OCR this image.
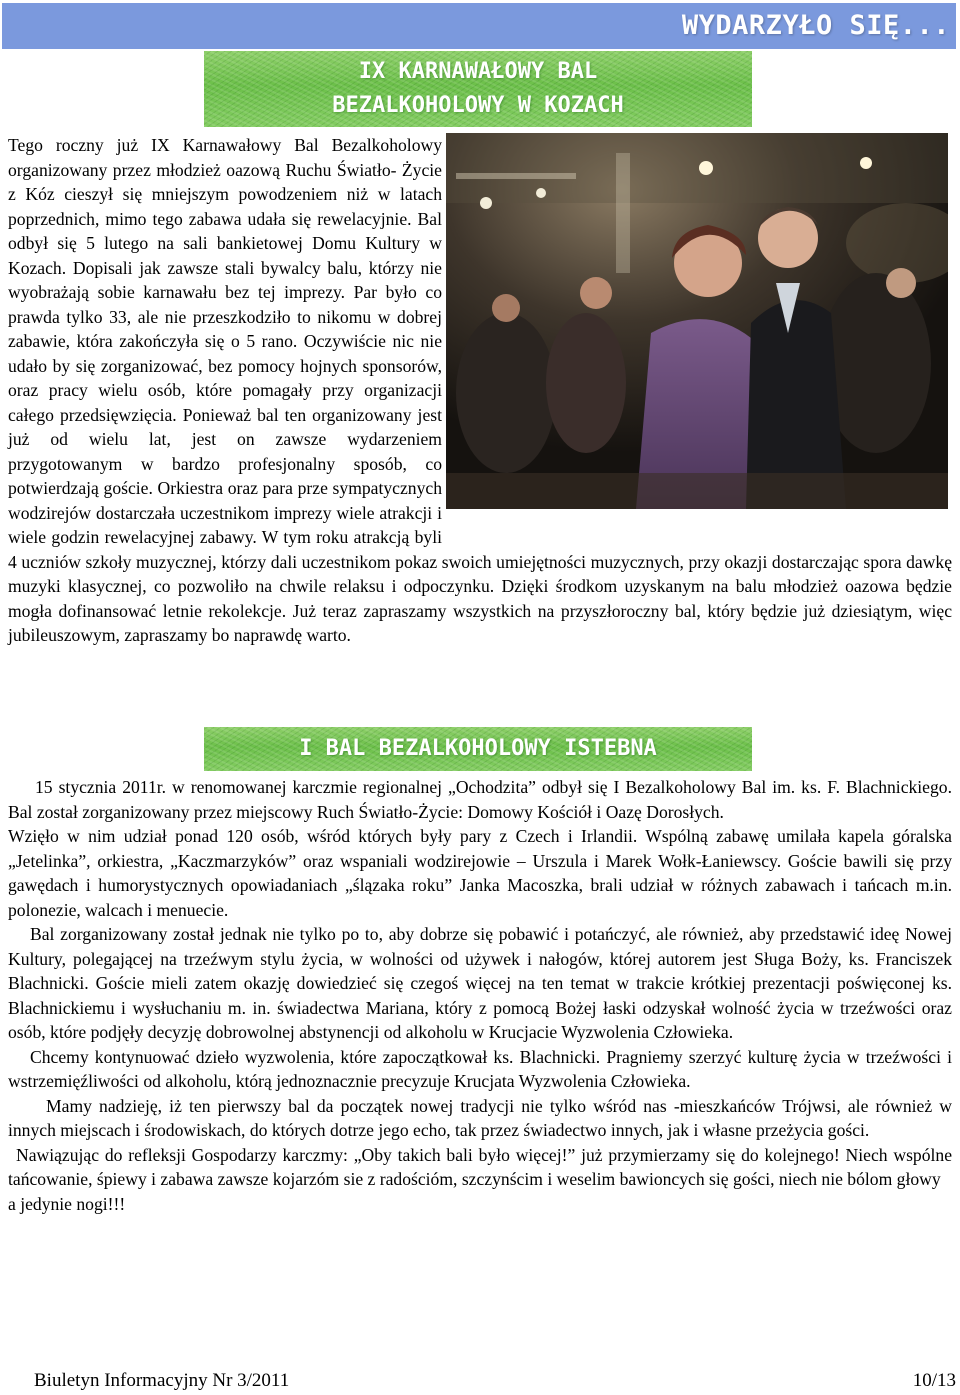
WYDARZYŁO SIĘ...
IX KARNAWAŁOWY BAL
BEZALKOHOLOWY W KOZACH

Tego roczny już IX Karnawałowy Bal Bezalkoholowy organizowany przez młodzież oazową Ruchu Światło- Życie z Kóz cieszył się mniejszym powodzeniem niż w latach poprzednich, mimo tego zabawa udała się rewelacyjnie. Bal odbył się 5 lutego na sali bankietowej Domu Kultury w Kozach. Dopisali jak zawsze stali bywalcy balu, którzy nie wyobrażają sobie karnawału bez tej imprezy. Par było co prawda tylko 33, ale nie przeszkodziło to nikomu w dobrej zabawie, która zakończyła się o 5 rano. Oczywiście nic nie udało by się zorganizować, bez pomocy hojnych sponsorów, oraz pracy wielu osób, które pomagały przy organizacji całego przedsięwzięcia. Ponieważ bal ten organizowany jest już od wielu lat, jest on zawsze wydarzeniem przygotowanym w bardzo profesjonalny sposób, co potwierdzają goście. Orkiestra oraz para prze sympatycznych wodzirejów dostarczała uczestnikom imprezy wiele atrakcji i wiele godzin rewelacyjnej zabawy. W tym roku atrakcją byli 4 uczniów szkoły muzycznej, którzy dali uczestnikom pokaz swoich umiejętności muzycznych, przy okazji dostarczając spora dawkę muzyki klasycznej, co pozwoliło na chwile relaksu i odpoczynku. Dzięki środkom uzyskanym na balu młodzież oazowa będzie mogła dofinansować letnie rekolekcje. Już teraz zapraszamy wszystkich na przyszłoroczny bal, który będzie już dziesiątym, więc jubileuszowym, zapraszamy bo naprawdę warto.

I BAL BEZALKOHOLOWY ISTEBNA

15 stycznia 2011r. w renomowanej karczmie regionalnej „Ochodzita” odbył się I Bezalkoholowy Bal im. ks. F. Blachnickiego. Bal został zorganizowany przez miejscowy Ruch Światło-Życie: Domowy Kościół i Oazę Dorosłych.

Wzięło w nim udział ponad 120 osób, wśród których były pary z Czech i Irlandii. Wspólną zabawę umilała kapela góralska „Jetelinka”, orkiestra, „Kaczmarzyków” oraz wspaniali wodzirejowie – Urszula i Marek Wołk-Łaniewscy. Goście bawili się przy gawędach i humorystycznych opowiadaniach „ślązaka roku” Janka Macoszka, brali udział w różnych zabawach i tańcach m.in. polonezie, walcach i menuecie.

Bal zorganizowany został jednak nie tylko po to, aby dobrze się pobawić i potańczyć, ale również, aby przedstawić ideę Nowej Kultury, polegającej na trzeźwym stylu życia, w wolności od używek i nałogów, której autorem jest Sługa Boży, ks. Franciszek Blachnicki. Goście mieli zatem okazję dowiedzieć się czegoś więcej na ten temat w trakcie krótkiej prezentacji poświęconej ks. Blachnickiemu i wysłuchaniu m. in. świadectwa Mariana, który z pomocą Bożej łaski odzyskał wolność życia w trzeźwości oraz osób, które podjęły decyzję dobrowolnej abstynencji od alkoholu w Krucjacie Wyzwolenia Człowieka.

Chcemy kontynuować dzieło wyzwolenia, które zapoczątkował ks. Blachnicki. Pragniemy szerzyć kulturę życia w trzeźwości i wstrzemięźliwości od alkoholu, którą jednoznacznie precyzuje Krucjata Wyzwolenia Człowieka.

Mamy nadzieję, iż ten pierwszy bal da początek nowej tradycji nie tylko wśród nas -mieszkańców Trójwsi, ale również w innych miejscach i środowiskach, do których dotrze jego echo, tak przez świadectwo innych, jak i własne przeżycia gości.

Nawiązując do refleksji Gospodarzy karczmy: „Oby takich bali było więcej!” już przymierzamy się do kolejnego! Niech wspólne tańcowanie, śpiewy i zabawa zawsze kojarzóm sie z radościóm, szczynścim i weselim bawioncych się gości, niech nie bólom głowy

a jedynie nogi!!!

Biuletyn Informacyjny Nr 3/2011	10/13
